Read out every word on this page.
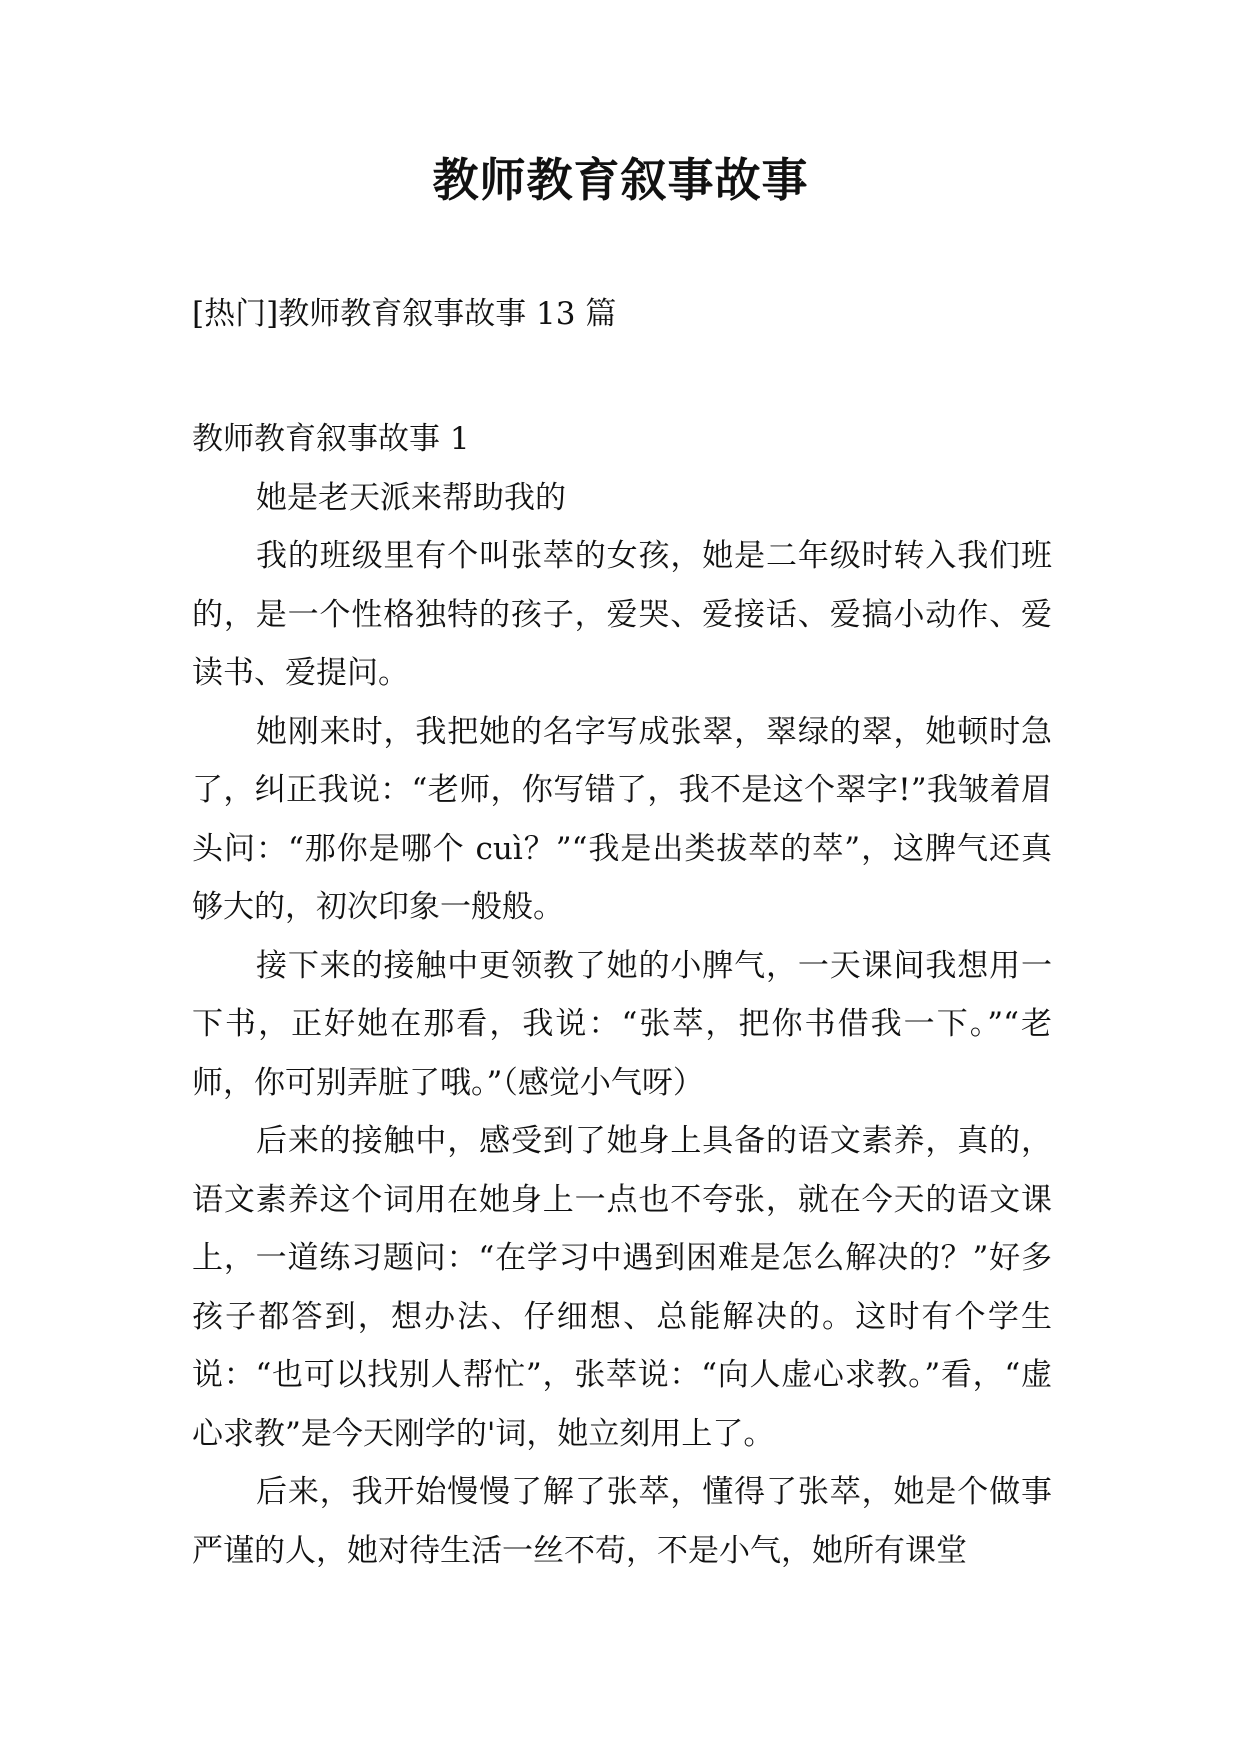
教师教育叙事故事
[热门]教师教育叙事故事 13 篇

教师教育叙事故事 1

她是老天派来帮助我的

我的班级里有个叫张萃的女孩，她是二年级时转入我们班的，是一个性格独特的孩子，爱哭、爱接话、爱搞小动作、爱读书、爱提问。

她刚来时，我把她的名字写成张翠，翠绿的翠，她顿时急了，纠正我说：“老师，你写错了，我不是这个翠字!”我皱着眉头问：“那你是哪个 cuì？”“我是出类拔萃的萃”，这脾气还真够大的，初次印象一般般。

接下来的接触中更领教了她的小脾气，一天课间我想用一下书，正好她在那看，我说：“张萃，把你书借我一下。”“老师，你可别弄脏了哦。”（感觉小气呀）

后来的接触中，感受到了她身上具备的语文素养，真的，语文素养这个词用在她身上一点也不夸张，就在今天的语文课上，一道练习题问：“在学习中遇到困难是怎么解决的？”好多孩子都答到，想办法、仔细想、总能解决的。这时有个学生说：“也可以找别人帮忙”，张萃说：“向人虚心求教。”看，“虚心求教”是今天刚学的'词，她立刻用上了。

后来，我开始慢慢了解了张萃，懂得了张萃，她是个做事严谨的人，她对待生活一丝不苟，不是小气，她所有课堂
